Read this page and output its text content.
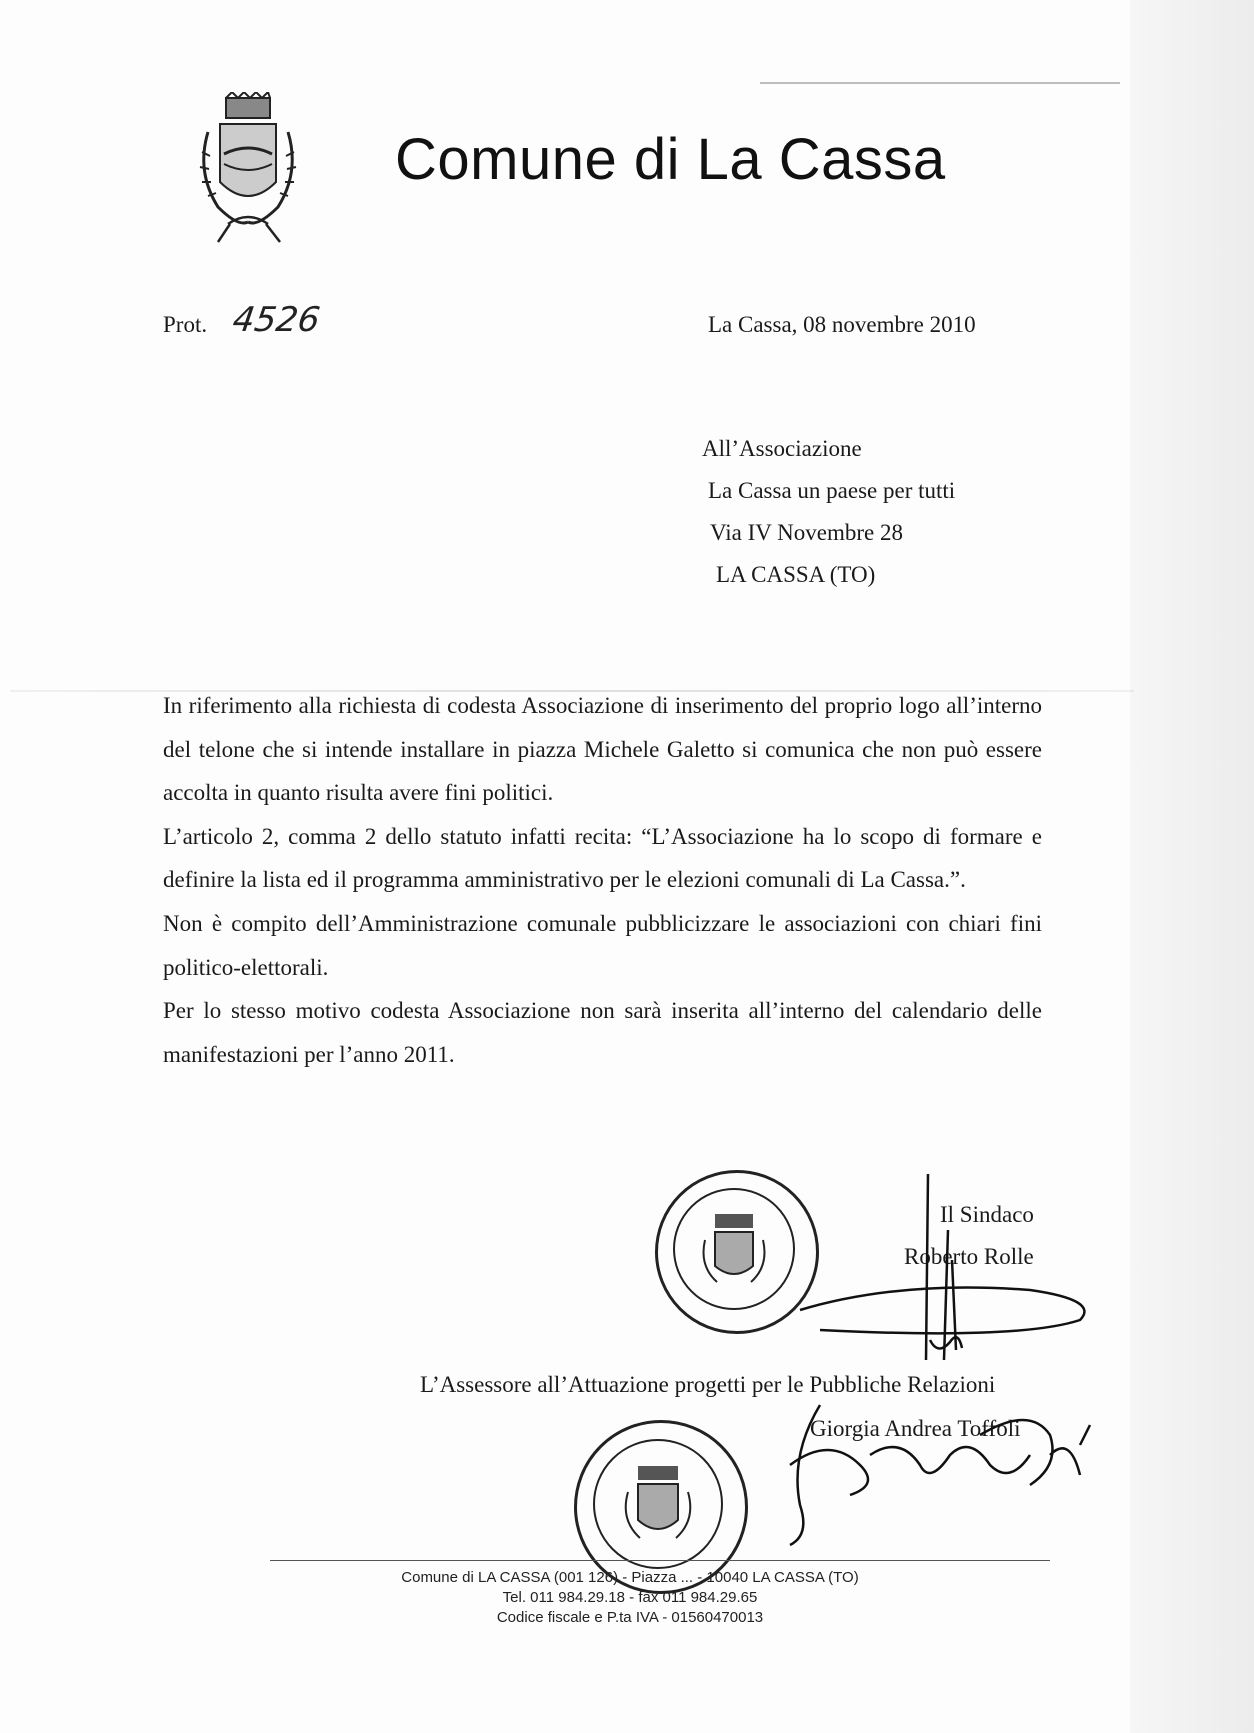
Comune di La Cassa
Prot. 4526	La Cassa, 08 novembre 2010
All’Associazione
La Cassa un paese per tutti
Via IV Novembre 28
LA CASSA (TO)

In riferimento alla richiesta di codesta Associazione di inserimento del proprio logo all’interno del telone che si intende installare in piazza Michele Galetto si comunica che non può essere accolta in quanto risulta avere fini politici.

L’articolo 2, comma 2 dello statuto infatti recita: “L’Associazione ha lo scopo di formare e definire la lista ed il programma amministrativo per le elezioni comunali di La Cassa.”.

Non è compito dell’Amministrazione comunale pubblicizzare le associazioni con chiari fini politico-elettorali.

Per lo stesso motivo codesta Associazione non sarà inserita all’interno del calendario delle manifestazioni per l’anno 2011.

Il Sindaco
Roberto Rolle
L’Assessore all’Attuazione progetti per le Pubbliche Relazioni
Giorgia Andrea Toffoli
Comune di LA CASSA (001 126) - Piazza ... - 10040 LA CASSA (TO)
Tel. 011 984.29.18 - fax 011 984.29.65
Codice fiscale e P.ta IVA - 01560470013
